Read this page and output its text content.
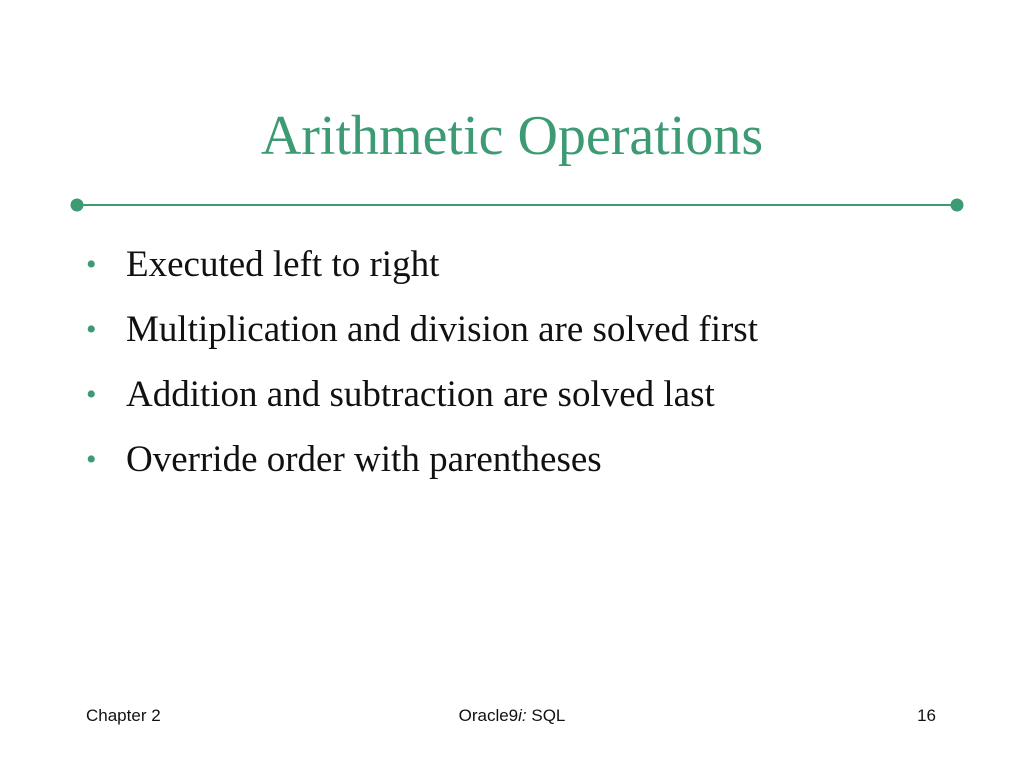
Arithmetic Operations
• Executed left to right
• Multiplication and division are solved first
• Addition and subtraction are solved last
• Override order with parentheses
Chapter 2	Oracle9i: SQL	16
